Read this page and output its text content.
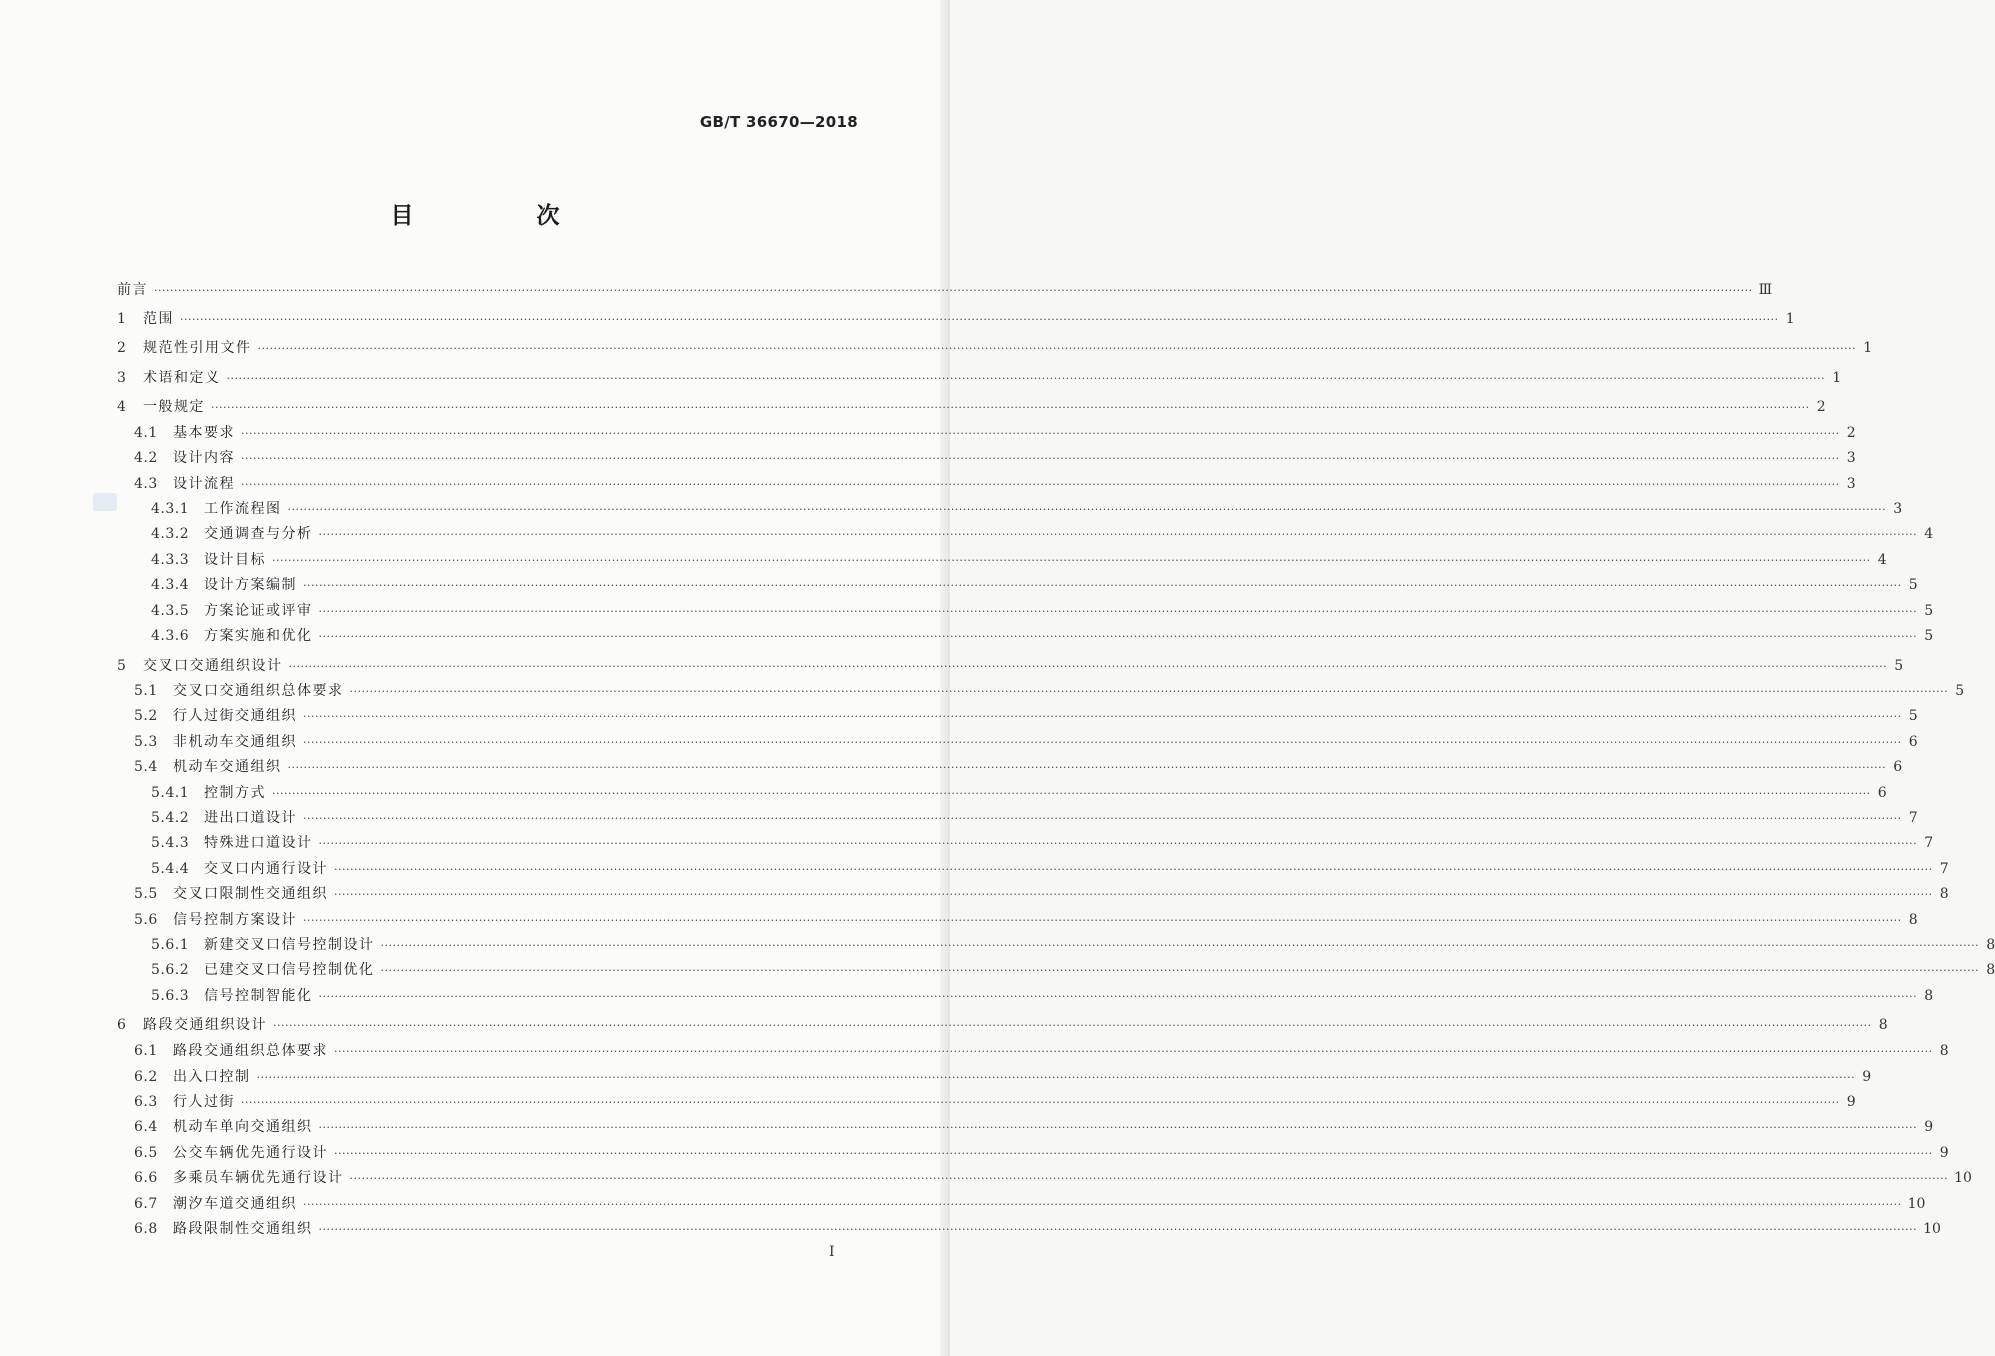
GB/T 36670—2018
目　次
前言 ················································································································································································································································································································································································································ Ⅲ
1	范围 ················································································································································································································································································································································································································ 1
2	规范性引用文件 ················································································································································································································································································································································································································ 1
3	术语和定义 ················································································································································································································································································································································································································ 1
4	一般规定 ················································································································································································································································································································································································································ 2
4.1	基本要求 ················································································································································································································································································································································································································ 2
4.2	设计内容 ················································································································································································································································································································································································································ 3
4.3	设计流程 ················································································································································································································································································································································································································ 3
4.3.1	工作流程图 ················································································································································································································································································································································································································ 3
4.3.2	交通调查与分析 ················································································································································································································································································································································································································ 4
4.3.3	设计目标 ················································································································································································································································································································································································································ 4
4.3.4	设计方案编制 ················································································································································································································································································································································································································ 5
4.3.5	方案论证或评审 ················································································································································································································································································································································································································ 5
4.3.6	方案实施和优化 ················································································································································································································································································································································································································ 5
5	交叉口交通组织设计 ················································································································································································································································································································································································································ 5
5.1	交叉口交通组织总体要求 ················································································································································································································································································································································································································ 5
5.2	行人过街交通组织 ················································································································································································································································································································································································································ 5
5.3	非机动车交通组织 ················································································································································································································································································································································································································ 6
5.4	机动车交通组织 ················································································································································································································································································································································································································ 6
5.4.1	控制方式 ················································································································································································································································································································································································································ 6
5.4.2	进出口道设计 ················································································································································································································································································································································································································ 7
5.4.3	特殊进口道设计 ················································································································································································································································································································································································································ 7
5.4.4	交叉口内通行设计 ················································································································································································································································································································································································································ 7
5.5	交叉口限制性交通组织 ················································································································································································································································································································································································································ 8
5.6	信号控制方案设计 ················································································································································································································································································································································································································ 8
5.6.1	新建交叉口信号控制设计 ················································································································································································································································································································································································································ 8
5.6.2	已建交叉口信号控制优化 ················································································································································································································································································································································································································ 8
5.6.3	信号控制智能化 ················································································································································································································································································································································································································ 8
6	路段交通组织设计 ················································································································································································································································································································································································································ 8
6.1	路段交通组织总体要求 ················································································································································································································································································································································································································ 8
6.2	出入口控制 ················································································································································································································································································································································································································ 9
6.3	行人过街 ················································································································································································································································································································································································································ 9
6.4	机动车单向交通组织 ················································································································································································································································································································································································································ 9
6.5	公交车辆优先通行设计 ················································································································································································································································································································································································································ 9
6.6	多乘员车辆优先通行设计 ················································································································································································································································································································································································································ 10
6.7	潮汐车道交通组织 ················································································································································································································································································································································································································ 10
6.8	路段限制性交通组织 ················································································································································································································································································································································································································ 10
I
